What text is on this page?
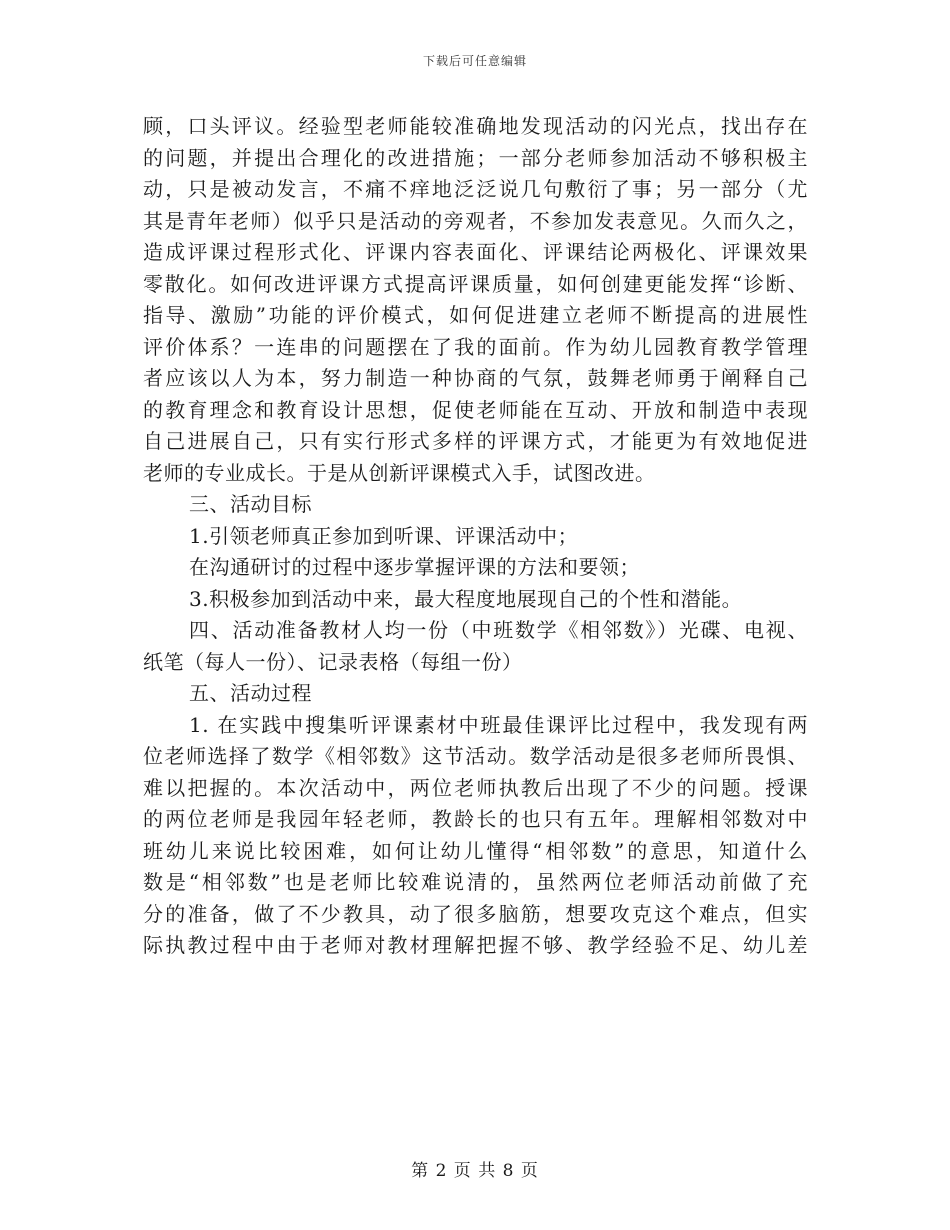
下载后可任意编辑
顾，口头评议。经验型老师能较准确地发现活动的闪光点，找出存在
的问题，并提出合理化的改进措施；一部分老师参加活动不够积极主
动，只是被动发言，不痛不痒地泛泛说几句敷衍了事；另一部分（尤
其是青年老师）似乎只是活动的旁观者，不参加发表意见。久而久之，
造成评课过程形式化、评课内容表面化、评课结论两极化、评课效果
零散化。如何改进评课方式提高评课质量，如何创建更能发挥“诊断、
指导、激励”功能的评价模式，如何促进建立老师不断提高的进展性
评价体系？一连串的问题摆在了我的面前。作为幼儿园教育教学管理
者应该以人为本，努力制造一种协商的气氛，鼓舞老师勇于阐释自己
的教育理念和教育设计思想，促使老师能在互动、开放和制造中表现
自己进展自己，只有实行形式多样的评课方式，才能更为有效地促进
老师的专业成长。于是从创新评课模式入手，试图改进。
三、活动目标
1.引领老师真正参加到听课、评课活动中；
在沟通研讨的过程中逐步掌握评课的方法和要领；
3.积极参加到活动中来，最大程度地展现自己的个性和潜能。
四、活动准备教材人均一份（中班数学《相邻数》）光碟、电视、
纸笔（每人一份）、记录表格（每组一份）
五、活动过程
1. 在实践中搜集听评课素材中班最佳课评比过程中，我发现有两
位老师选择了数学《相邻数》这节活动。数学活动是很多老师所畏惧、
难以把握的。本次活动中，两位老师执教后出现了不少的问题。授课
的两位老师是我园年轻老师，教龄长的也只有五年。理解相邻数对中
班幼儿来说比较困难，如何让幼儿懂得“相邻数”的意思，知道什么
数是“相邻数”也是老师比较难说清的，虽然两位老师活动前做了充
分的准备，做了不少教具，动了很多脑筋，想要攻克这个难点，但实
际执教过程中由于老师对教材理解把握不够、教学经验不足、幼儿差
第 2 页 共 8 页
